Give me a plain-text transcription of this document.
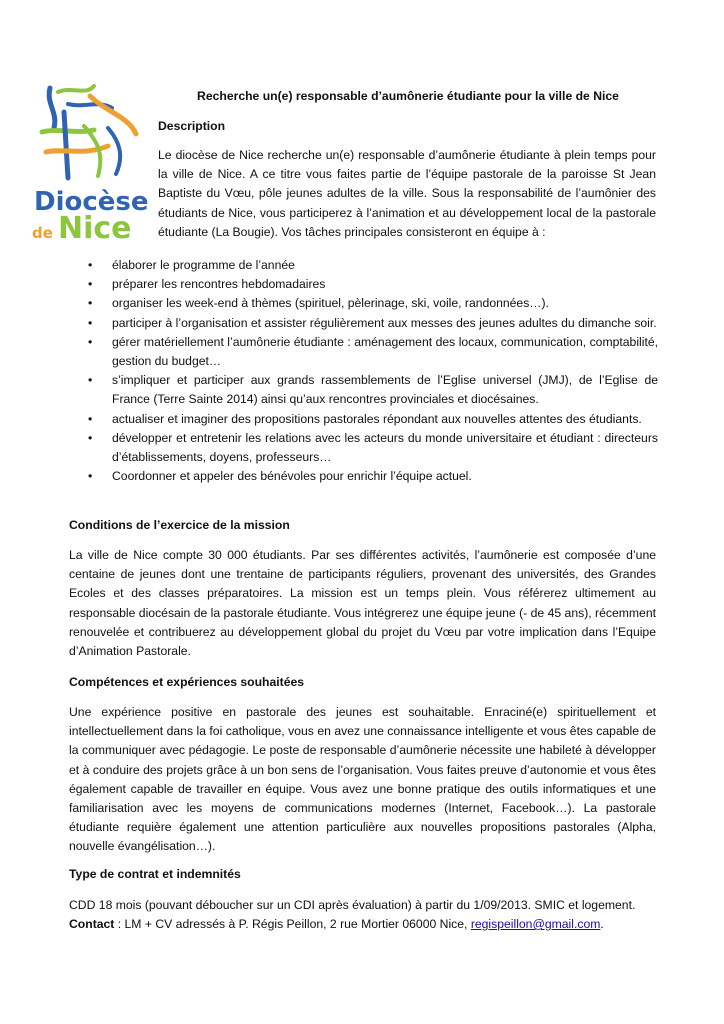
Diocèse
de Nice
Recherche un(e) responsable d’aumônerie étudiante pour la ville de Nice
Description
Le diocèse de Nice recherche un(e) responsable d’aumônerie étudiante à plein temps pour la ville de Nice. A ce titre vous faites partie de l’équipe pastorale de la paroisse St Jean Baptiste du Vœu, pôle jeunes adultes de la ville. Sous la responsabilité de l’aumônier des étudiants de Nice, vous participerez à l’animation et au développement local de la pastorale étudiante (La Bougie). Vos tâches principales consisteront en équipe à :
• élaborer le programme de l’année
• préparer les rencontres hebdomadaires
• organiser les week-end à thèmes (spirituel, pèlerinage, ski, voile, randonnées…).
• participer à l’organisation et assister régulièrement aux messes des jeunes adultes du dimanche soir.
• gérer matériellement l’aumônerie étudiante : aménagement des locaux, communication, comptabilité, gestion du budget…
• s’impliquer et participer aux grands rassemblements de l’Eglise universel (JMJ), de l’Eglise de France (Terre Sainte 2014) ainsi qu’aux rencontres provinciales et diocésaines.
• actualiser et imaginer des propositions pastorales répondant aux nouvelles attentes des étudiants.
• développer et entretenir les relations avec les acteurs du monde universitaire et étudiant : directeurs d’établissements, doyens, professeurs…
• Coordonner et appeler des bénévoles pour enrichir l’équipe actuel.
Conditions de l’exercice de la mission
La ville de Nice compte 30 000 étudiants. Par ses différentes activités, l’aumônerie est composée d’une centaine de jeunes dont une trentaine de participants réguliers, provenant des universités, des Grandes Ecoles et des classes préparatoires. La mission est un temps plein. Vous référerez ultimement au responsable diocésain de la pastorale étudiante. Vous intégrerez une équipe jeune (- de 45 ans), récemment renouvelée et contribuerez au développement global du projet du Vœu par votre implication dans l’Equipe d’Animation Pastorale.
Compétences et expériences souhaitées
Une expérience positive en pastorale des jeunes est souhaitable. Enraciné(e) spirituellement et intellectuellement dans la foi catholique, vous en avez une connaissance intelligente et vous êtes capable de la communiquer avec pédagogie. Le poste de responsable d’aumônerie nécessite une habileté à développer et à conduire des projets grâce à un bon sens de l’organisation. Vous faites preuve d’autonomie et vous êtes également capable de travailler en équipe. Vous avez une bonne pratique des outils informatiques et une familiarisation avec les moyens de communications modernes (Internet, Facebook…). La pastorale étudiante requière également une attention particulière aux nouvelles propositions pastorales (Alpha, nouvelle évangélisation…).
Type de contrat et indemnités
CDD 18 mois (pouvant déboucher sur un CDI après évaluation) à partir du 1/09/2013. SMIC et logement.
Contact : LM + CV adressés à P. Régis Peillon, 2 rue Mortier 06000 Nice, regispeillon@gmail.com.
